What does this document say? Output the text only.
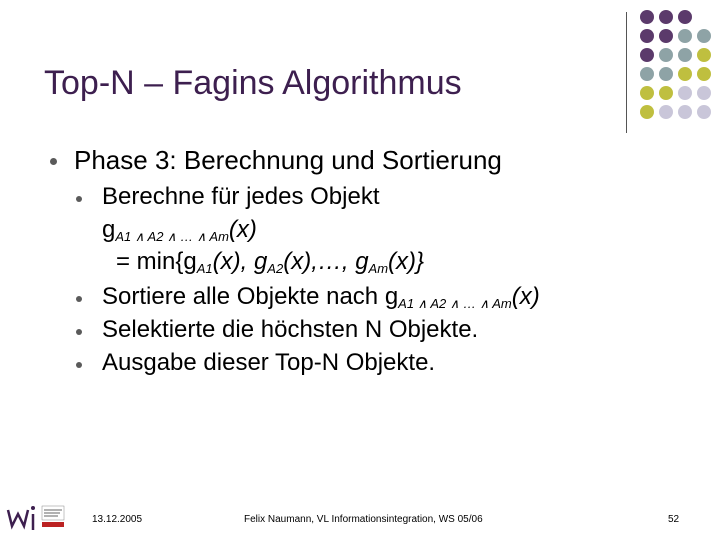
Top-N – Fagins Algorithmus
Phase 3: Berechnung und Sortierung
Berechne für jedes Objekt
$g_{A1 \wedge A2 \wedge \dots \wedge Am}(x)$
= $\min\{g_{A1}(x)$, $g_{A2}(x),\dots$, $g_{Am}(x)$}
Sortiere alle Objekte nach $g_{A1 \wedge A2 \wedge \dots \wedge Am}(x)$
Selektierte die höchsten N Objekte.
Ausgabe dieser Top-N Objekte.
13.12.2005	Felix Naumann, VL Informationsintegration, WS 05/06	52
